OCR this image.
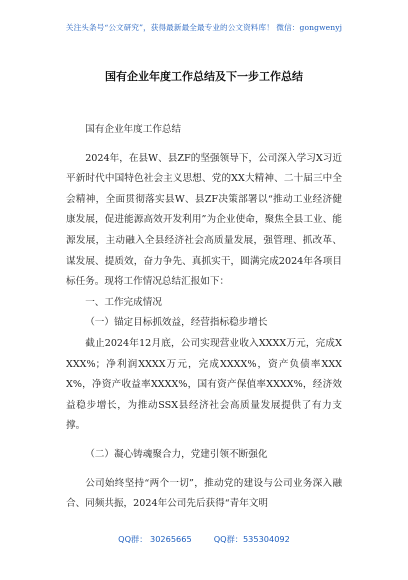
关注头条号“公文研究”，获得最新最全最专业的公文资料库！ 微信：gongwenyj
国有企业年度工作总结及下一步工作总结

国有企业年度工作总结

2024年，在县W、县ZF的坚强领导下，公司深入学习X习近平新时代中国特色社会主义思想、党的XX大精神、二十届三中全会精神，全面贯彻落实县W、县ZF决策部署以“推动工业经济健康发展，促进能源高效开发利用”为企业使命，聚焦全县工业、能源发展，主动融入全县经济社会高质量发展，强管理、抓改革、谋发展、提质效，奋力争先、真抓实干，圆满完成2024年各项目标任务。现将工作情况总结汇报如下：

一、工作完成情况

（一）锚定目标抓效益，经营指标稳步增长

截止2024年12月底，公司实现营业收入XXXX万元，完成XXXX%；净利润XXXX万元，完成XXXX%，资产负债率XXXX%，净资产收益率XXXX%，国有资产保值率XXXX%，经济效益稳步增长，为推动SSX县经济社会高质量发展提供了有力支撑。

（二）凝心铸魂聚合力，党建引领不断强化

公司始终坚持“两个一切”，推动党的建设与公司业务深入融合、同频共振，2024年公司先后获得“青年文明

QQ群： 30265665	QQ群：535304092
